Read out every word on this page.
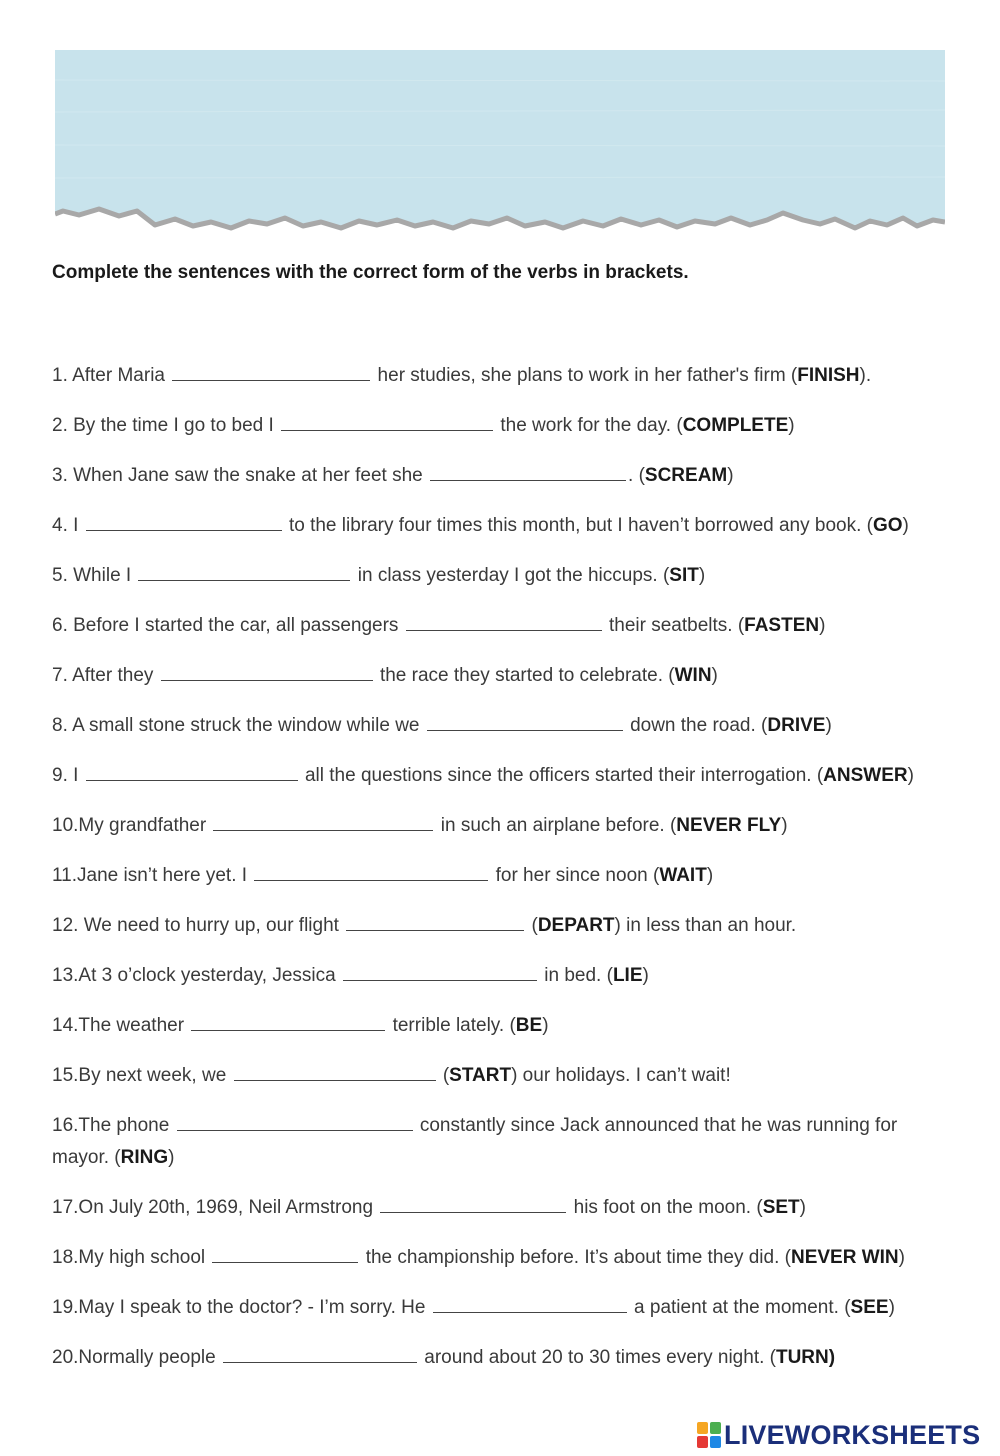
Complete the sentences with the correct form of the verbs in brackets.

1. After Maria	her studies, she plans to work in her father's firm (FINISH).
2. By the time I go to bed I	the work for the day. (COMPLETE)
3. When Jane saw the snake at her feet she	. (SCREAM)
4. I	to the library four times this month, but I haven’t borrowed any book. (GO)
5. While I	in class yesterday I got the hiccups. (SIT)
6. Before I started the car, all passengers	their seatbelts. (FASTEN)
7. After they	the race they started to celebrate. (WIN)
8. A small stone struck the window while we	down the road. (DRIVE)
9. I	all the questions since the officers started their interrogation. (ANSWER)
10.My grandfather	in such an airplane before. (NEVER FLY)
11.Jane isn’t here yet. I	for her since noon (WAIT)
12. We need to hurry up, our flight	(DEPART) in less than an hour.
13.At 3 o’clock yesterday, Jessica	in bed. (LIE)
14.The weather	terrible lately. (BE)
15.By next week, we	(START) our holidays. I can’t wait!
16.The phone	constantly since Jack announced that he was running for mayor. (RING)
17.On July 20th, 1969, Neil Armstrong	his foot on the moon. (SET)
18.My high school	the championship before. It’s about time they did. (NEVER WIN)
19.May I speak to the doctor? - I’m sorry. He	a patient at the moment. (SEE)
20.Normally people	around about 20 to 30 times every night. (TURN)
LIVEWORKSHEETS
